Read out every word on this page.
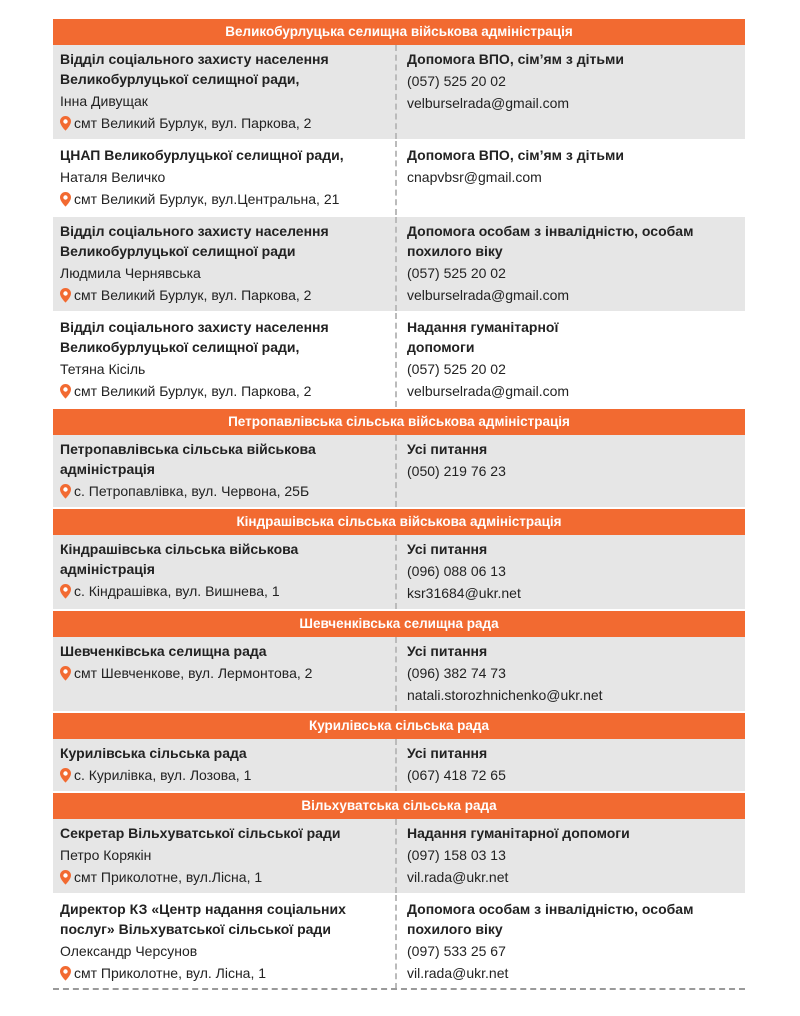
Великобурлуцька селищна військова адміністрація
Відділ соціального захисту населення
Великобурлуцької селищної ради,
Інна Дивущак
смт Великий Бурлук, вул. Паркова, 2
Допомога ВПО, сім’ям з дітьми
(057) 525 20 02
velburselrada@gmail.com
ЦНАП Великобурлуцької селищної ради,
Наталя Величко
смт Великий Бурлук, вул.Центральна, 21
Допомога ВПО, сім’ям з дітьми
cnapvbsr@gmail.com
Відділ соціального захисту населення
Великобурлуцької селищної ради
Людмила Чернявська
смт Великий Бурлук, вул. Паркова, 2
Допомога особам з інвалідністю, особам
похилого віку
(057) 525 20 02
velburselrada@gmail.com
Відділ соціального захисту населення
Великобурлуцької селищної ради,
Тетяна Кісіль
смт Великий Бурлук, вул. Паркова, 2
Надання гуманітарної
допомоги
(057) 525 20 02
velburselrada@gmail.com
Петропавлівська сільська військова адміністрація
Петропавлівська сільська військова
адміністрація
с. Петропавлівка, вул. Червона, 25Б
Усі питання
(050) 219 76 23
Кіндрашівська сільська військова адміністрація
Кіндрашівська сільська військова
адміністрація
с. Кіндрашівка, вул. Вишнева, 1
Усі питання
(096) 088 06 13
ksr31684@ukr.net
Шевченківська селищна рада
Шевченківська селищна рада
смт Шевченкове, вул. Лермонтова, 2
Усі питання
(096) 382 74 73
natali.storozhnichenko@ukr.net
Курилівська сільська рада
Курилівська сільська рада
с. Курилівка, вул. Лозова, 1
Усі питання
(067) 418 72 65
Вільхуватська сільська рада
Секретар Вільхуватської сільської ради
Петро Корякін
смт Приколотне, вул.Лісна, 1
Надання гуманітарної допомоги
(097) 158 03 13
vil.rada@ukr.net
Директор КЗ «Центр надання соціальних
послуг» Вільхуватської сільської ради
Олександр Черсунов
смт Приколотне, вул. Лісна, 1
Допомога особам з інвалідністю, особам
похилого віку
(097) 533 25 67
vil.rada@ukr.net
